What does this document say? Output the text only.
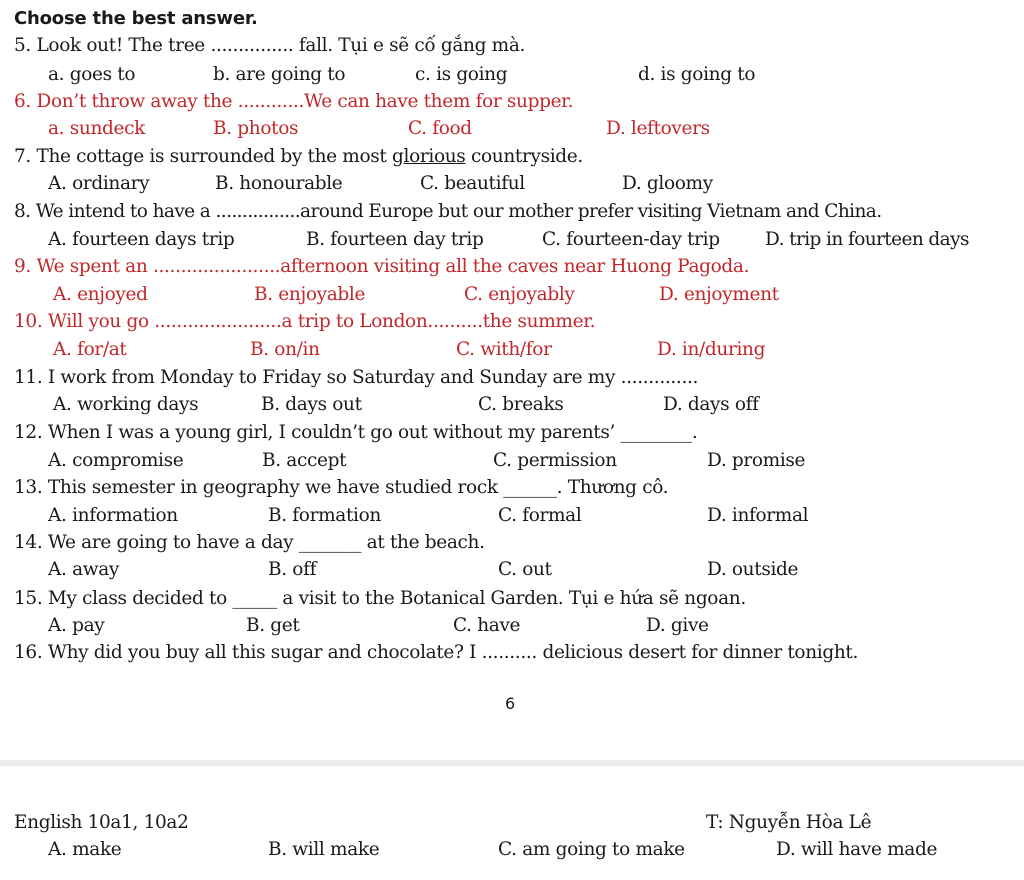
Choose the best answer.
5. Look out! The tree ............... fall. Tụi e sẽ cố gắng mà.
a. goes to	b. are going to	c. is going	d. is going to
6. Don’t throw away the ............We can have them for supper.
a. sundeck	B. photos	C. food	D. leftovers
7. The cottage is surrounded by the most glorious countryside.
A. ordinary	B. honourable	C. beautiful	D. gloomy
8. We intend to have a ................around Europe but our mother prefer visiting Vietnam and China.
A. fourteen days trip	B. fourteen day trip	C. fourteen-day trip D. trip in fourteen days
9. We spent an .......................afternoon visiting all the caves near Huong Pagoda.
A. enjoyed	B. enjoyable	C. enjoyably	D. enjoyment
10. Will you go .......................a trip to London..........the summer.
A. for/at	B. on/in	C. with/for	D. in/during
11. I work from Monday to Friday so Saturday and Sunday are my ..............
A. working days	B. days out	C. breaks	D. days off
12. When I was a young girl, I couldn’t go out without my parents’ ________.
A. compromise	B. accept	C. permission	D. promise
13. This semester in geography we have studied rock ______. Thương cô.
A. information	B. formation	C. formal	D. informal
14. We are going to have a day _______ at the beach.
A. away	B. off	C. out	D. outside
15. My class decided to _____ a visit to the Botanical Garden. Tụi e hứa sẽ ngoan.
A. pay	B. get	C. have	D. give
16. Why did you buy all this sugar and chocolate? I .......... delicious desert for dinner tonight.
6
English 10a1, 10a2	T: Nguyễn Hòa Lê
A. make	B. will make	C. am going to make	D. will have made
